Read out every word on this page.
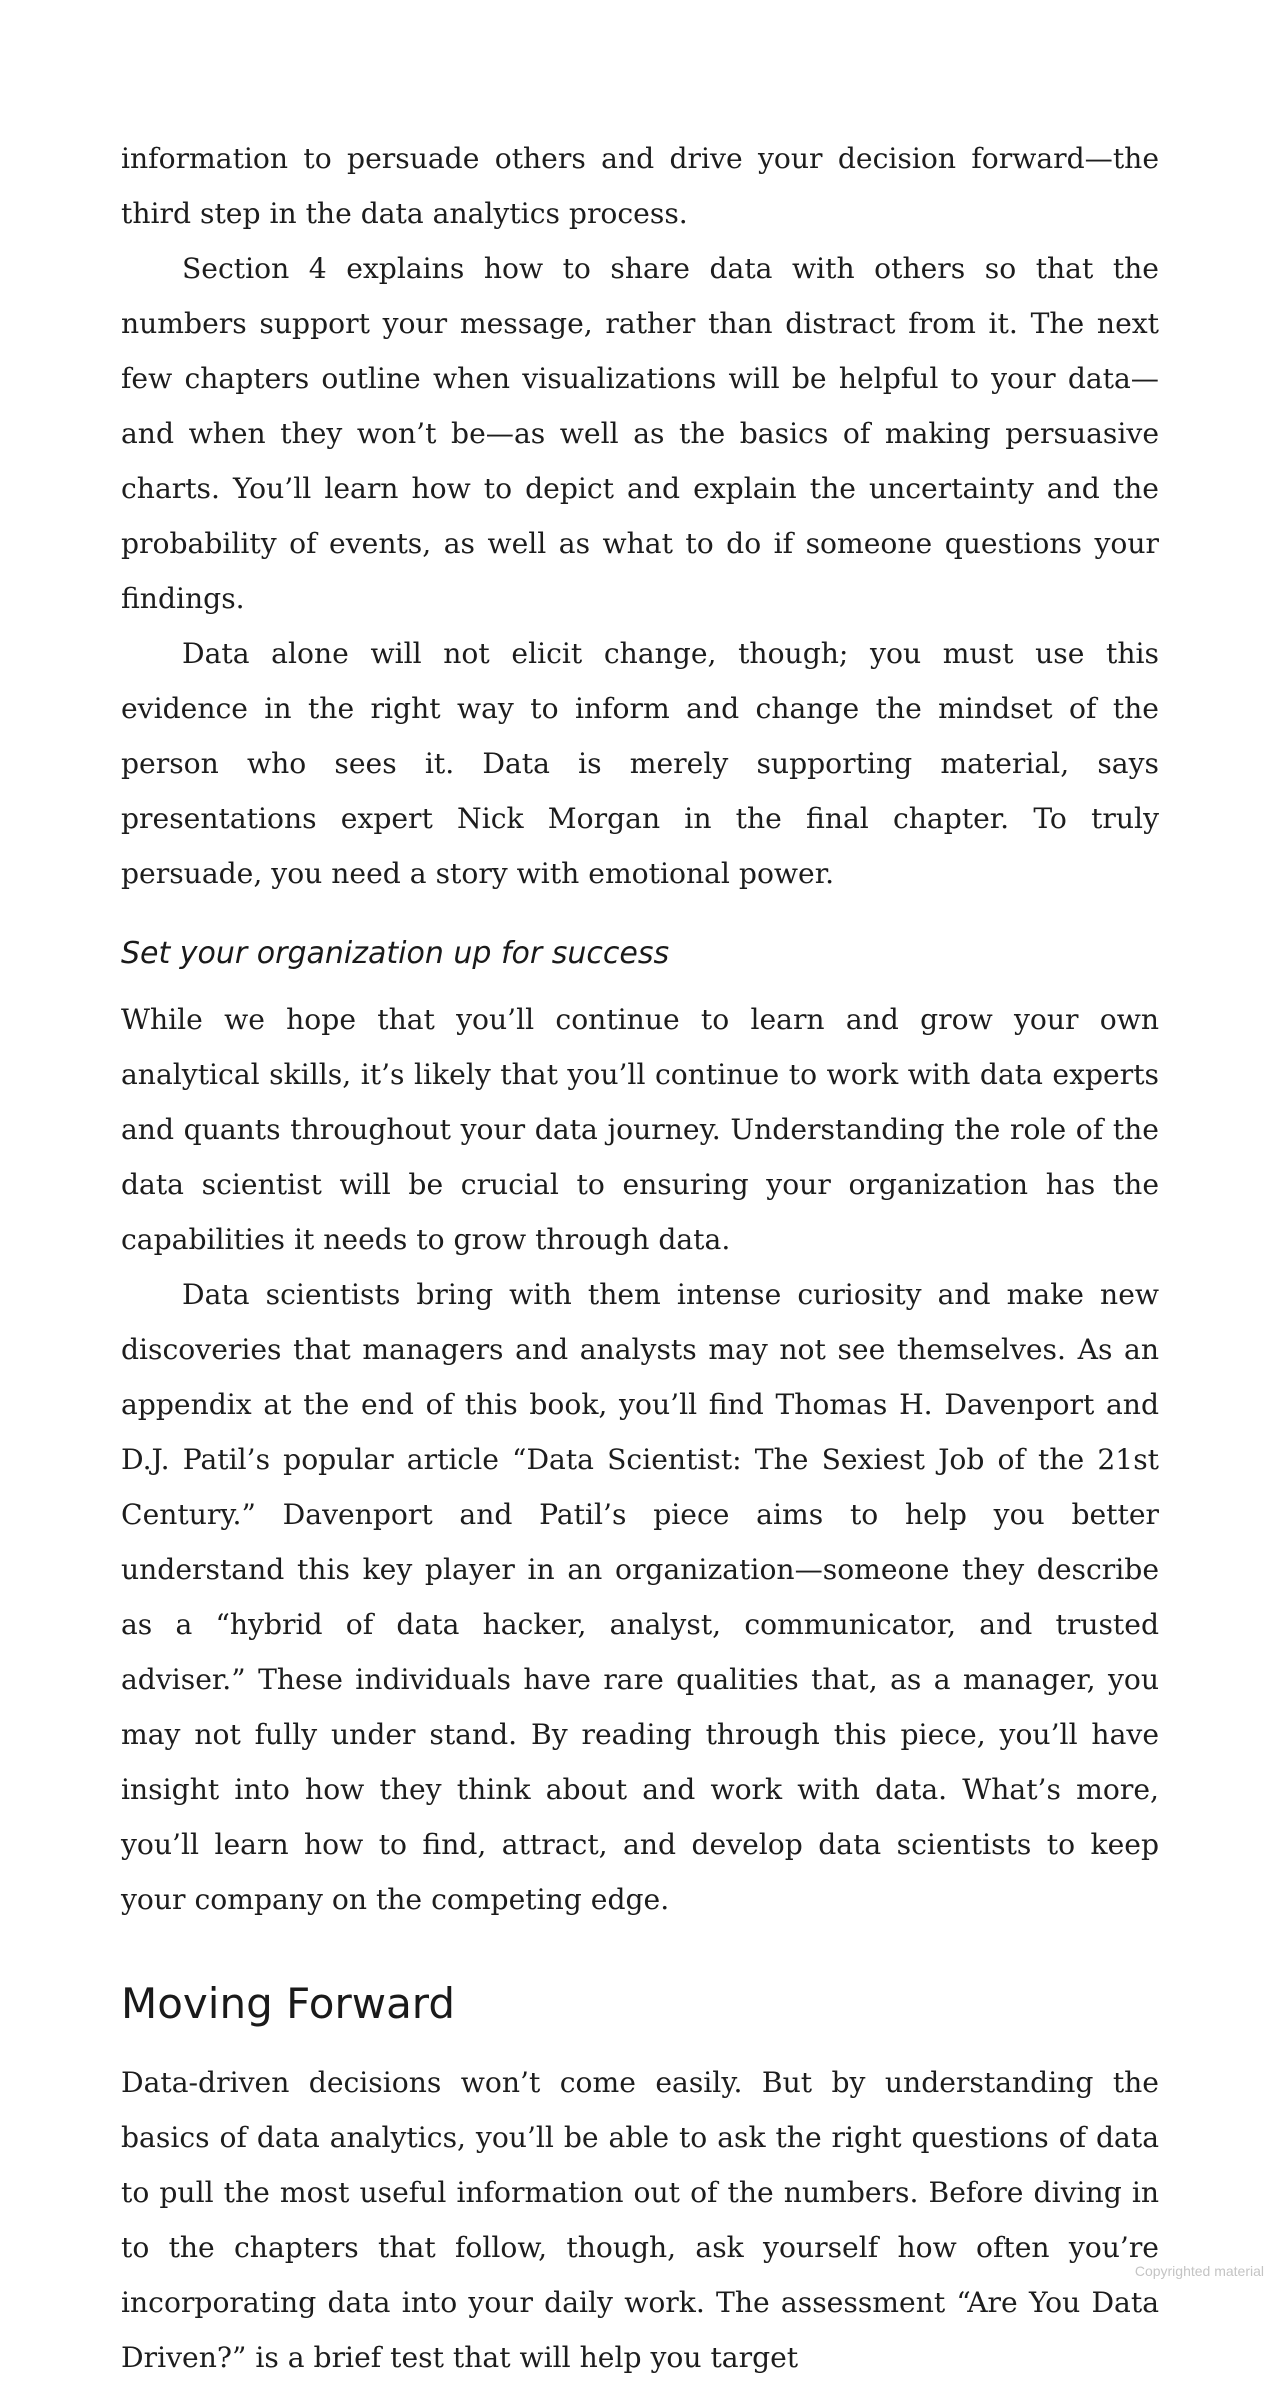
information to persuade others and drive your decision forward—the third step in the data analytics process.

Section 4 explains how to share data with others so that the numbers support your message, rather than distract from it. The next few chapters outline when visualizations will be helpful to your data—and when they won’t be—as well as the basics of making persuasive charts. You’ll learn how to depict and explain the uncertainty and the probability of events, as well as what to do if someone questions your findings.

Data alone will not elicit change, though; you must use this evidence in the right way to inform and change the mindset of the person who sees it. Data is merely supporting material, says presentations expert Nick Morgan in the final chapter. To truly persuade, you need a story with emotional power.

Set your organization up for success

While we hope that you’ll continue to learn and grow your own analytical skills, it’s likely that you’ll continue to work with data experts and quants throughout your data journey. Understanding the role of the data scientist will be crucial to ensuring your organization has the capabilities it needs to grow through data.

Data scientists bring with them intense curiosity and make new discoveries that managers and analysts may not see themselves. As an appendix at the end of this book, you’ll find Thomas H. Davenport and D.J. Patil’s popular article “Data Scientist: The Sexiest Job of the 21st Century.” Davenport and Patil’s piece aims to help you better understand this key player in an organization—someone they describe as a “hybrid of data hacker, analyst, communicator, and trusted adviser.” These individuals have rare qualities that, as a manager, you may not fully under stand. By reading through this piece, you’ll have insight into how they think about and work with data. What’s more, you’ll learn how to find, attract, and develop data scientists to keep your company on the competing edge.

Moving Forward

Data-driven decisions won’t come easily. But by understanding the basics of data analytics, you’ll be able to ask the right questions of data to pull the most useful information out of the numbers. Before diving in to the chapters that follow, though, ask yourself how often you’re incorporating data into your daily work. The assessment “Are You Data Driven?” is a brief test that will help you target

Copyrighted material
